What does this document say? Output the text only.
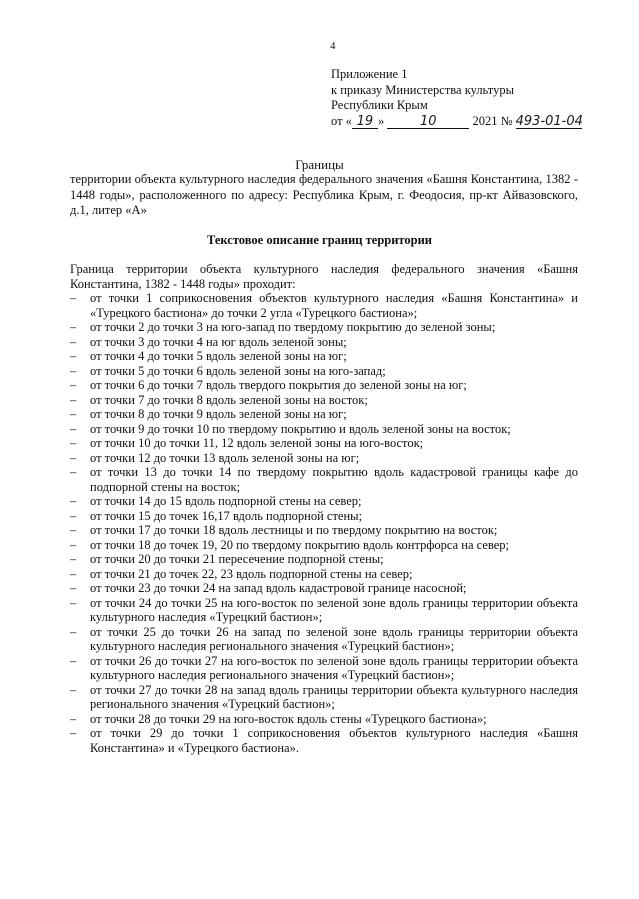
4
Приложение 1
к приказу Министерства культуры
Республики Крым
от « 19 »	10	2021 № 493-01-04
Границы
территории объекта культурного наследия федерального значения «Башня Константина, 1382 - 1448 годы», расположенного по адресу: Республика Крым, г. Феодосия, пр-кт Айвазовского, д.1, литер «А»
Текстовое описание границ территории
Граница территории объекта культурного наследия федерального значения «Башня Константина, 1382 - 1448 годы» проходит:
– от точки 1 соприкосновения объектов культурного наследия «Башня Константина» и «Турецкого бастиона» до точки 2 угла «Турецкого бастиона»;
– от точки 2 до точки 3 на юго-запад по твердому покрытию до зеленой зоны;
– от точки 3 до точки 4 на юг вдоль зеленой зоны;
– от точки 4 до точки 5 вдоль зеленой зоны на юг;
– от точки 5 до точки 6 вдоль зеленой зоны на юго-запад;
– от точки 6 до точки 7 вдоль твердого покрытия до зеленой зоны на юг;
– от точки 7 до точки 8 вдоль зеленой зоны на восток;
– от точки 8 до точки 9 вдоль зеленой зоны на юг;
– от точки 9 до точки 10 по твердому покрытию и вдоль зеленой зоны на восток;
– от точки 10 до точки 11, 12 вдоль зеленой зоны на юго-восток;
– от точки 12 до точки 13 вдоль зеленой зоны на юг;
– от точки 13 до точки 14 по твердому покрытию вдоль кадастровой границы кафе до подпорной стены на восток;
– от точки 14 до 15 вдоль подпорной стены на север;
– от точки 15 до точек 16,17 вдоль подпорной стены;
– от точки 17 до точки 18 вдоль лестницы и по твердому покрытию на восток;
– от точки 18 до точек 19, 20 по твердому покрытию вдоль контрфорса на север;
– от точки 20 до точки 21 пересечение подпорной стены;
– от точки 21 до точек 22, 23 вдоль подпорной стены на север;
– от точки 23 до точки 24 на запад вдоль кадастровой границе насосной;
– от точки 24 до точки 25 на юго-восток по зеленой зоне вдоль границы территории объекта культурного наследия «Турецкий бастион»;
– от точки 25 до точки 26 на запад по зеленой зоне вдоль границы территории объекта культурного наследия регионального значения «Турецкий бастион»;
– от точки 26 до точки 27 на юго-восток по зеленой зоне вдоль границы территории объекта культурного наследия регионального значения «Турецкий бастион»;
– от точки 27 до точки 28 на запад вдоль границы территории объекта культурного наследия регионального значения «Турецкий бастион»;
– от точки 28 до точки 29 на юго-восток вдоль стены «Турецкого бастиона»;
– от точки 29 до точки 1 соприкосновения объектов культурного наследия «Башня Константина» и «Турецкого бастиона».
